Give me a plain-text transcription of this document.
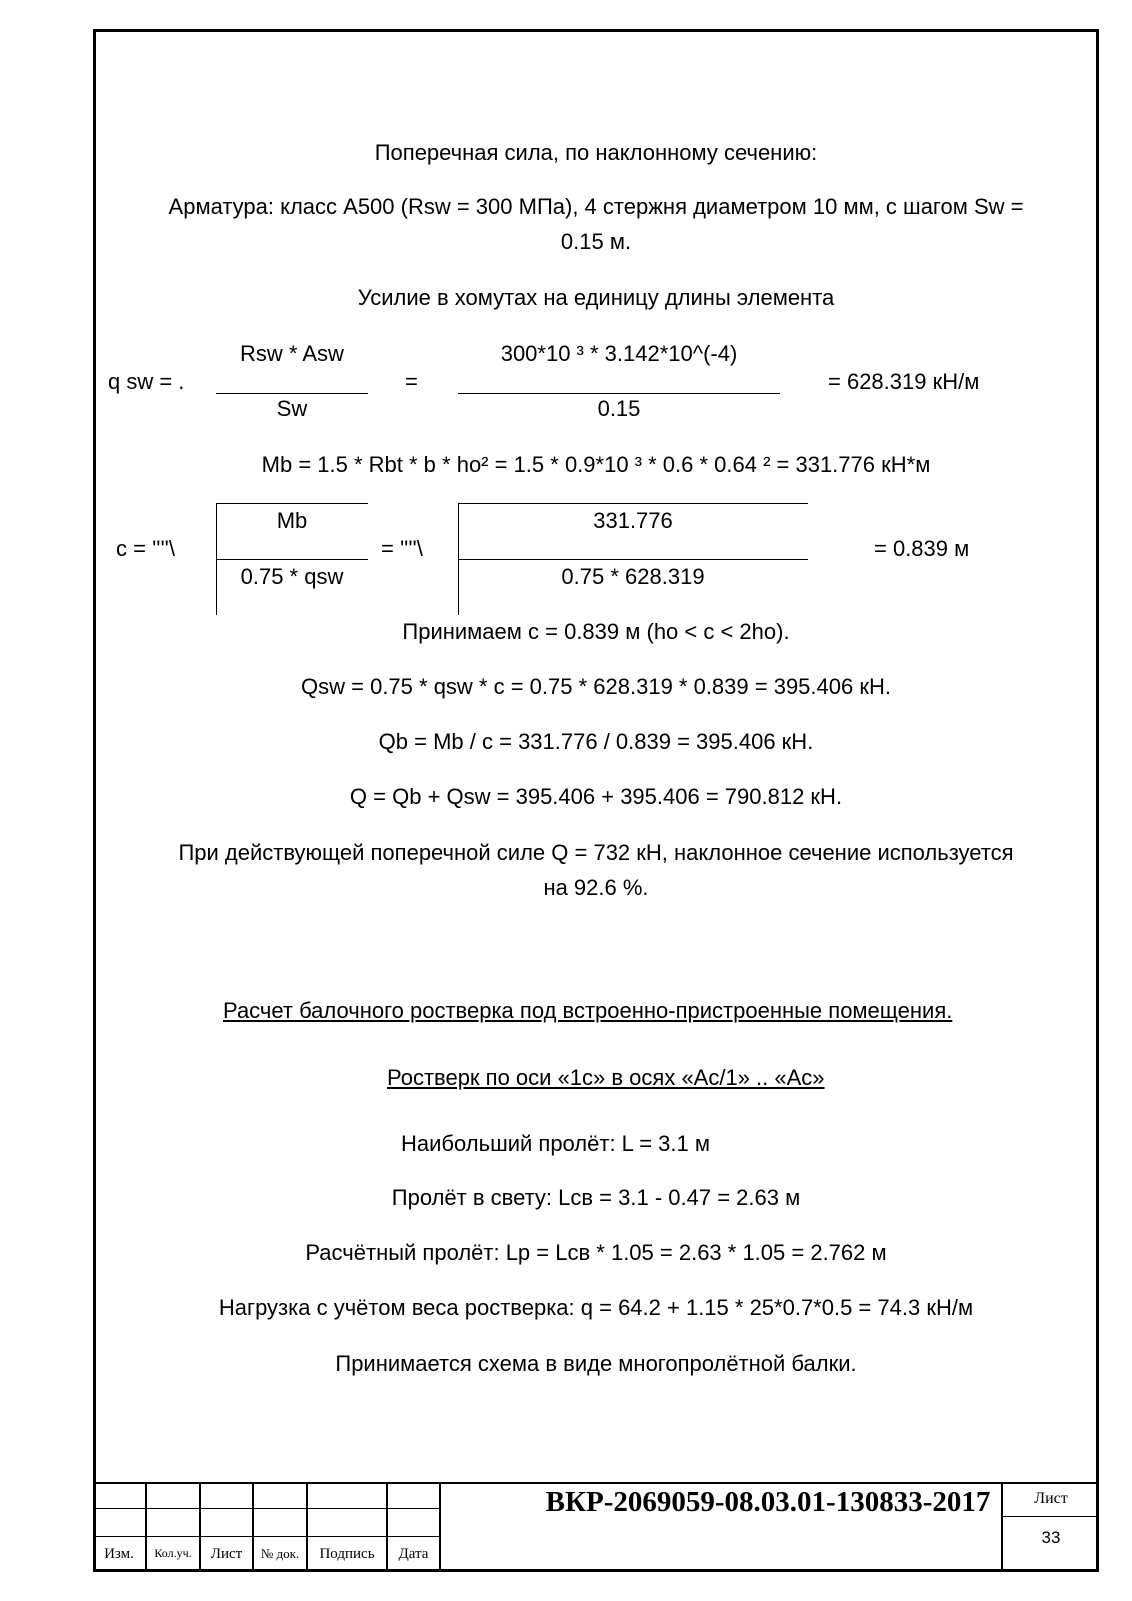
Поперечная сила, по наклонному сечению:
Арматура: класс А500 (Rsw = 300 МПа), 4 стержня диаметром 10 мм, с шагом Sw =
0.15 м.
Усилие в хомутах на единицу длины элемента
q sw = .
Rsw * Asw
Sw
=
300*10 ³ * 3.142*10^(-4)
0.15
= 628.319 кН/м
Mb = 1.5 * Rbt * b * ho² = 1.5 * 0.9*10 ³ * 0.6 * 0.64 ² = 331.776 кН*м
c = ''''\
Mb
0.75 * qsw
= ''''\
331.776
0.75 * 628.319
= 0.839 м
Принимаем с = 0.839 м (ho < c < 2ho).
Qsw = 0.75 * qsw * c = 0.75 * 628.319 * 0.839 = 395.406 кН.
Qb = Mb / c = 331.776 / 0.839 = 395.406 кН.
Q = Qb + Qsw = 395.406 + 395.406 = 790.812 кН.
При действующей поперечной силе Q = 732 кН, наклонное сечение используется
на 92.6 %.
Расчет балочного ростверка под встроенно-пристроенные помещения.
Ростверк по оси «1с» в осях «Ас/1» .. «Ас»
Наибольший пролёт: L = 3.1 м
Пролёт в свету: Lсв = 3.1 - 0.47 = 2.63 м
Расчётный пролёт: Lp = Lсв * 1.05 = 2.63 * 1.05 = 2.762 м
Нагрузка с учётом веса ростверка: q = 64.2 + 1.15 * 25*0.7*0.5 = 74.3 кН/м
Принимается схема в виде многопролётной балки.
Изм.	Кол.уч.	Лист	№ док.	Подпись	Дата
ВКР-2069059-08.03.01-130833-2017	Лист
33
